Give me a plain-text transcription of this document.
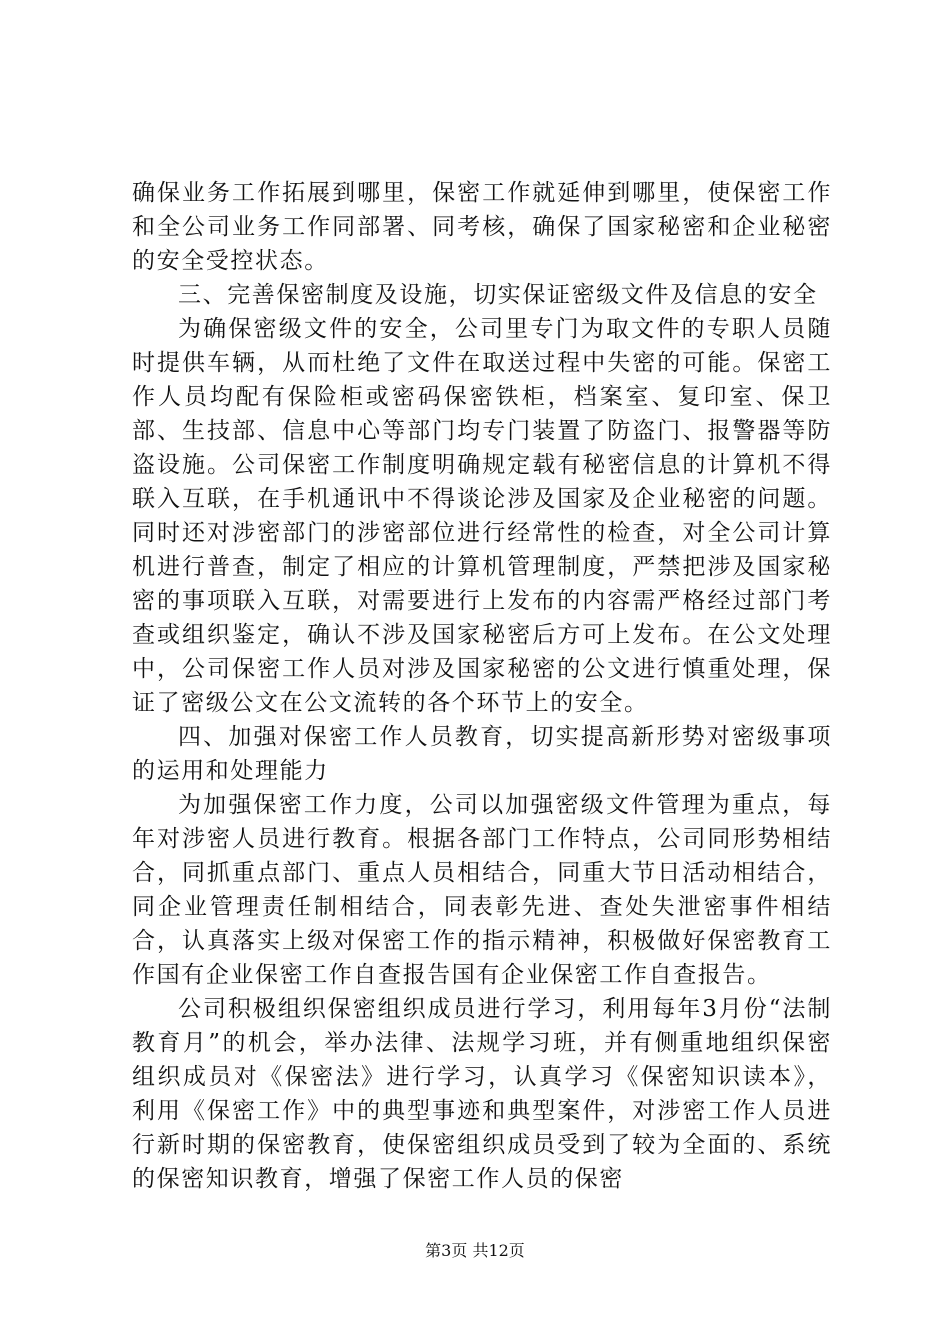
确保业务工作拓展到哪里，保密工作就延伸到哪里，使保密工作和全公司业务工作同部署、同考核，确保了国家秘密和企业秘密的安全受控状态。

三、完善保密制度及设施，切实保证密级文件及信息的安全

为确保密级文件的安全，公司里专门为取文件的专职人员随时提供车辆，从而杜绝了文件在取送过程中失密的可能。保密工作人员均配有保险柜或密码保密铁柜，档案室、复印室、保卫部、生技部、信息中心等部门均专门装置了防盗门、报警器等防盗设施。公司保密工作制度明确规定载有秘密信息的计算机不得联入互联，在手机通讯中不得谈论涉及国家及企业秘密的问题。同时还对涉密部门的涉密部位进行经常性的检查，对全公司计算机进行普查，制定了相应的计算机管理制度，严禁把涉及国家秘密的事项联入互联，对需要进行上发布的内容需严格经过部门考查或组织鉴定，确认不涉及国家秘密后方可上发布。在公文处理中，公司保密工作人员对涉及国家秘密的公文进行慎重处理，保证了密级公文在公文流转的各个环节上的安全。

四、加强对保密工作人员教育，切实提高新形势对密级事项的运用和处理能力

为加强保密工作力度，公司以加强密级文件管理为重点，每年对涉密人员进行教育。根据各部门工作特点，公司同形势相结合，同抓重点部门、重点人员相结合，同重大节日活动相结合，同企业管理责任制相结合，同表彰先进、查处失泄密事件相结合，认真落实上级对保密工作的指示精神，积极做好保密教育工作国有企业保密工作自查报告国有企业保密工作自查报告。

公司积极组织保密组织成员进行学习，利用每年3月份“法制教育月”的机会，举办法律、法规学习班，并有侧重地组织保密组织成员对《保密法》进行学习，认真学习《保密知识读本》，利用《保密工作》中的典型事迹和典型案件，对涉密工作人员进行新时期的保密教育，使保密组织成员受到了较为全面的、系统的保密知识教育，增强了保密工作人员的保密

第3页 共12页
